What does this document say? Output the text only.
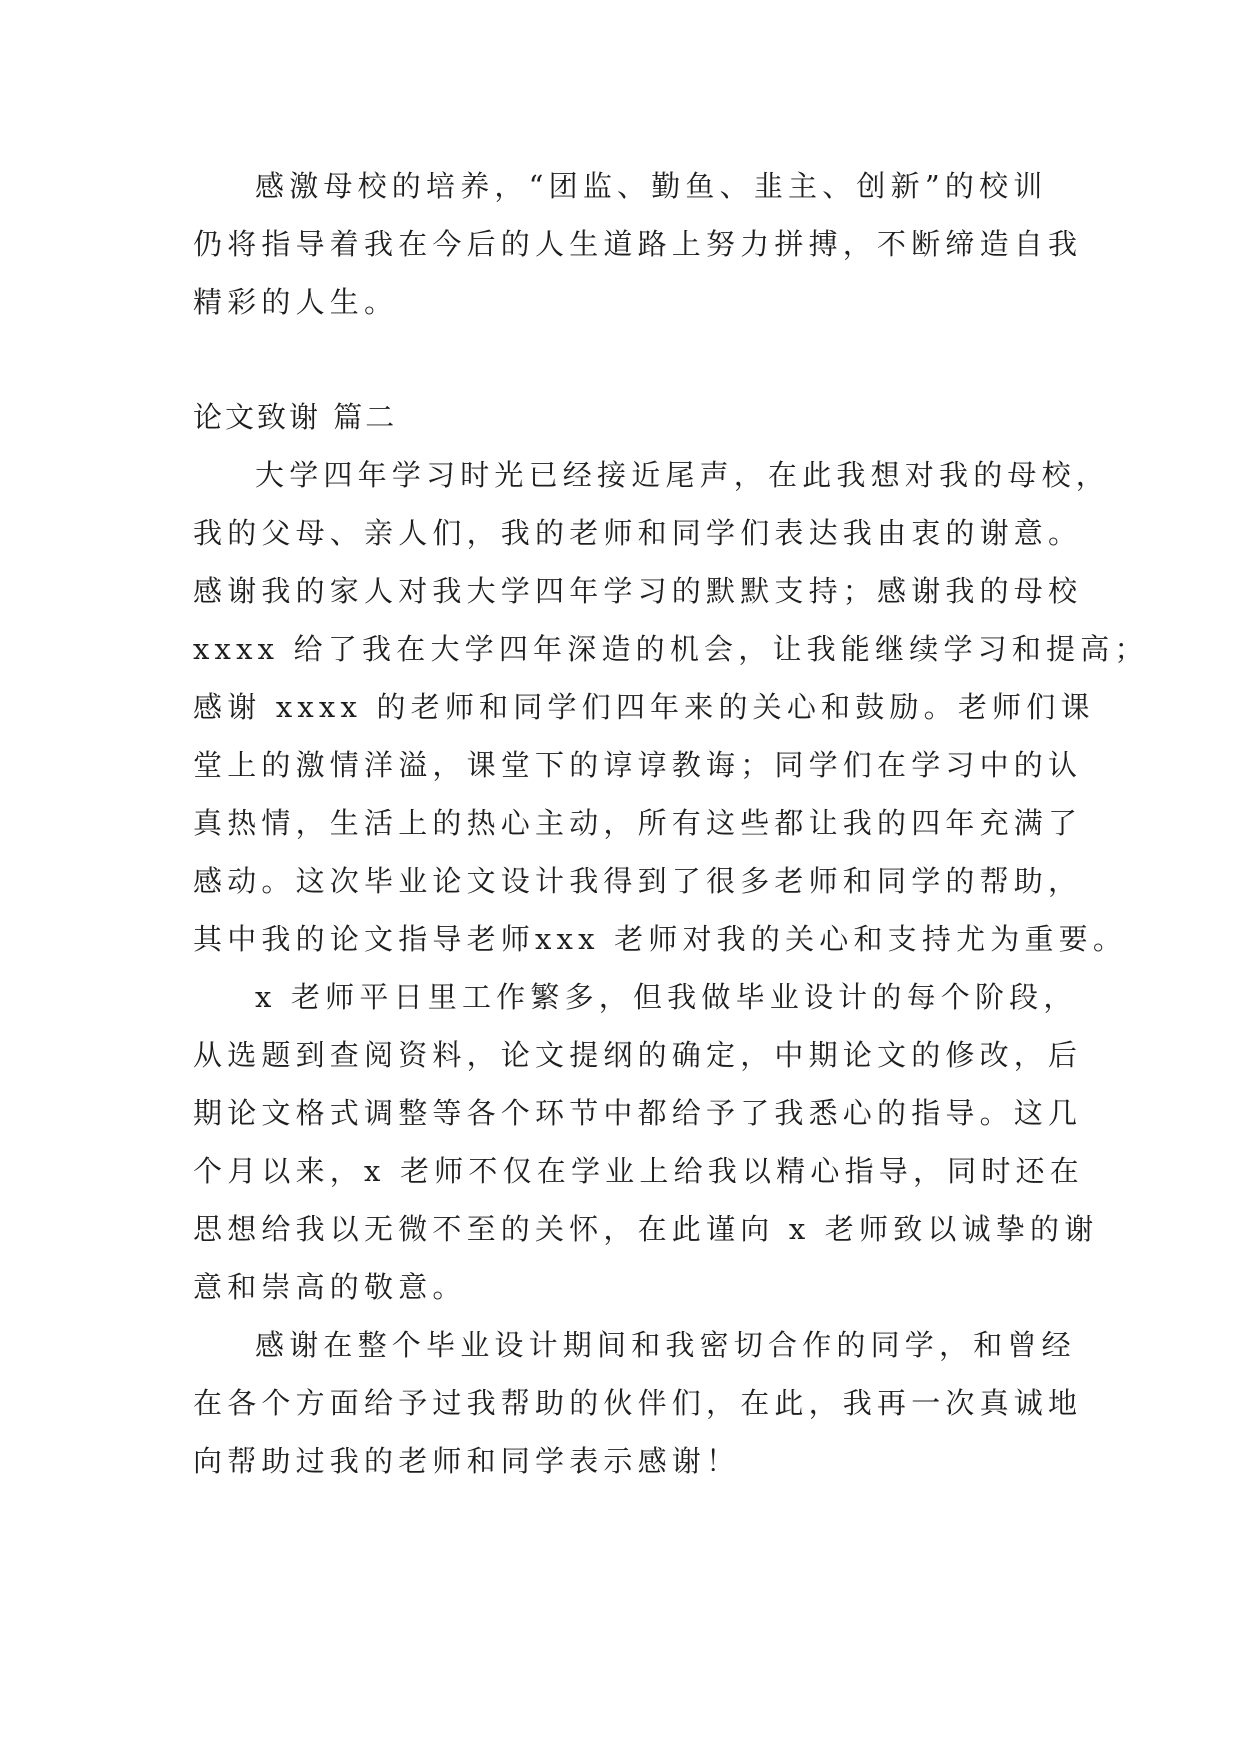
感激母校的培养，“团监、勤鱼、韭主、创新”的校训

仍将指导着我在今后的人生道路上努力拼搏，不断缔造自我

精彩的人生。

论文致谢 篇二

大学四年学习时光已经接近尾声，在此我想对我的母校，

我的父母、亲人们，我的老师和同学们表达我由衷的谢意。

感谢我的家人对我大学四年学习的默默支持；感谢我的母校

xxxx 给了我在大学四年深造的机会，让我能继续学习和提高；

感谢 xxxx 的老师和同学们四年来的关心和鼓励。老师们课

堂上的激情洋溢，课堂下的谆谆教诲；同学们在学习中的认

真热情，生活上的热心主动，所有这些都让我的四年充满了

感动。这次毕业论文设计我得到了很多老师和同学的帮助，

其中我的论文指导老师xxx 老师对我的关心和支持尤为重要。

x 老师平日里工作繁多，但我做毕业设计的每个阶段，

从选题到查阅资料，论文提纲的确定，中期论文的修改，后

期论文格式调整等各个环节中都给予了我悉心的指导。这几

个月以来，x 老师不仅在学业上给我以精心指导，同时还在

思想给我以无微不至的关怀，在此谨向 x 老师致以诚挚的谢

意和崇高的敬意。

感谢在整个毕业设计期间和我密切合作的同学，和曾经

在各个方面给予过我帮助的伙伴们，在此，我再一次真诚地

向帮助过我的老师和同学表示感谢！
